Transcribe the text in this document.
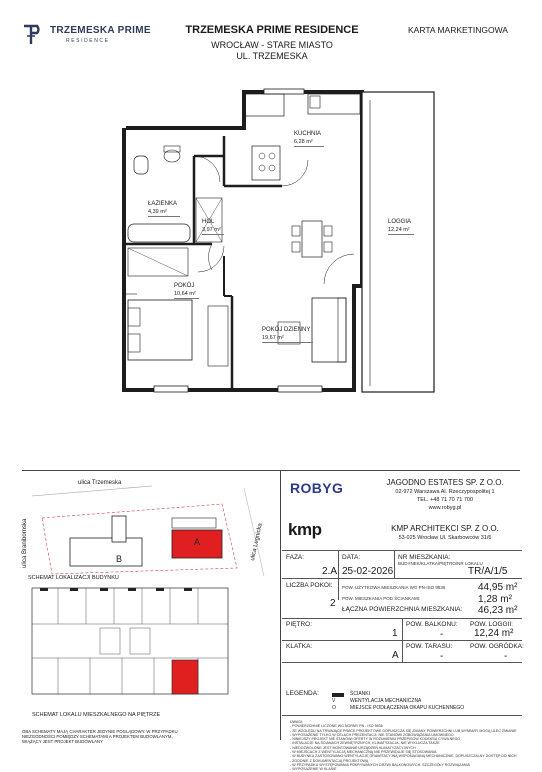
TRZEMESKA PRIME
RESIDENCE
TRZEMESKA PRIME RESIDENCE
WROCŁAW - STARE MIASTO
UL. TRZEMESKA
KARTA MARKETINGOWA
KUCHNIA
6,28 m²
ŁAZIENKA
4,39 m²
HOL
3,97 m²
LOGGIA
12,24 m²
POKÓJ
10,64 m²
POKÓJ DZIENNY
19,67 m²
ulica Trzemeska
ulica Branibornska	ulica Legnicka
B
A
SCHEMAT LOKALIZACJI BUDYNKU
SCHEMAT LOKALU MIESZKALNEGO NA PIĘTRZE
OBA SCHEMATY MAJĄ CHARAKTER JEDYNIE POGLĄDOWY. W PRZYPADKU NIEZGODNOŚCI POMIĘDZY SCHEMATAMI A PROJEKTEM BUDOWLANYM, WIĄŻĄCY JEST PROJEKT BUDOWLANY
ROBYG	JAGODNO ESTATES SP. Z O.O.
02-972 Warszawa Al. Rzeczypospolitej 1
TEL. +48 71 70 71 700
www.robyg.pl
kmp	KMP ARCHITEKCI SP. Z O.O.
53-025 Wrocław Ul. Skarbowców 31/6
FAZA:
2.A
DATA:
25-02-2026
NR MIESZKANIA:
BUDYNEK/KLATKA/PIĘTRO/NR LOKALU
TR/A/1/5
LICZBA POKOI:
2
POW. UŻYTKOWA MIESZKANIA WG PN-ISO 9836	44,95 m²
POW. MIESZKANIA POD ŚCIANKAMI:	1,28 m²
ŁĄCZNA POWIERZCHNIA MIESZKANIA: 46,23 m²
PIĘTRO:
1
POW. BALKONU:
-
POW. LOGGII:
12,24 m²
KLATKA:
A
POW. TARASU:
-
POW. OGRÓDKA:
-
LEGENDA:	ŚCIANKI
V	WENTYLACJA MECHANICZNA
O	MIEJSCE PODŁĄCZENIA OKAPU KUCHENNEGO
UWAGI:
- POWIERZCHNIE LICZONE WG NORMY PN - ISO 9836
- ZE WZGLĘDU NA TRWAJĄCE PRACE PROJEKTOWE DOPUSZCZA SIĘ ZMIANY POWIERZCHNI LUB WYMIARY MOGĄ ULEC ZMIANIE
- WYPOSAŻENIE TYLKO W CELACH PREZENTACJI, NIE STANOWI ZOBOWIĄZANIA UMOWNEGO
- NINIEJSZY PROJEKT NIE STANOWI OFERTY W ROZUMIENIU PRZEPISÓW KODEKSU CYWILNEGO
- INSTALACJE NA ŚCIANACH ZEWNĘTRZNYCH, KLIMATYZACJA, NIE WYKLUCZA TAKŻE
- NIEDOZWOLONE JEST MONTOWANIE URZĄDZEŃ KLIMATYZACYJNYCH
- W MIEJSCACH Z WENTYLACJĄ MECHANICZNĄ NIE PRZEWIDUJE SIĘ STOSOWANIA
- W BUDYNKU ZASTOSOWANO WENTYLACJĘ GRAWITACYJNĄ WSPOMAGANĄ MECHANICZNIE, DOPUSZCZALNY DOSTĘP DO NICH
- ZGODNIE Z DOKUMENTACJĄ PROJEKTOWĄ
- W PRZYPADKU WYSTĘPOWANIA POKRYWANYCH DRZWI BALKONOWYCH, SZCZEGÓŁY ROZWIĄZANIA
- WYPOSAŻENIE W KLASIE
